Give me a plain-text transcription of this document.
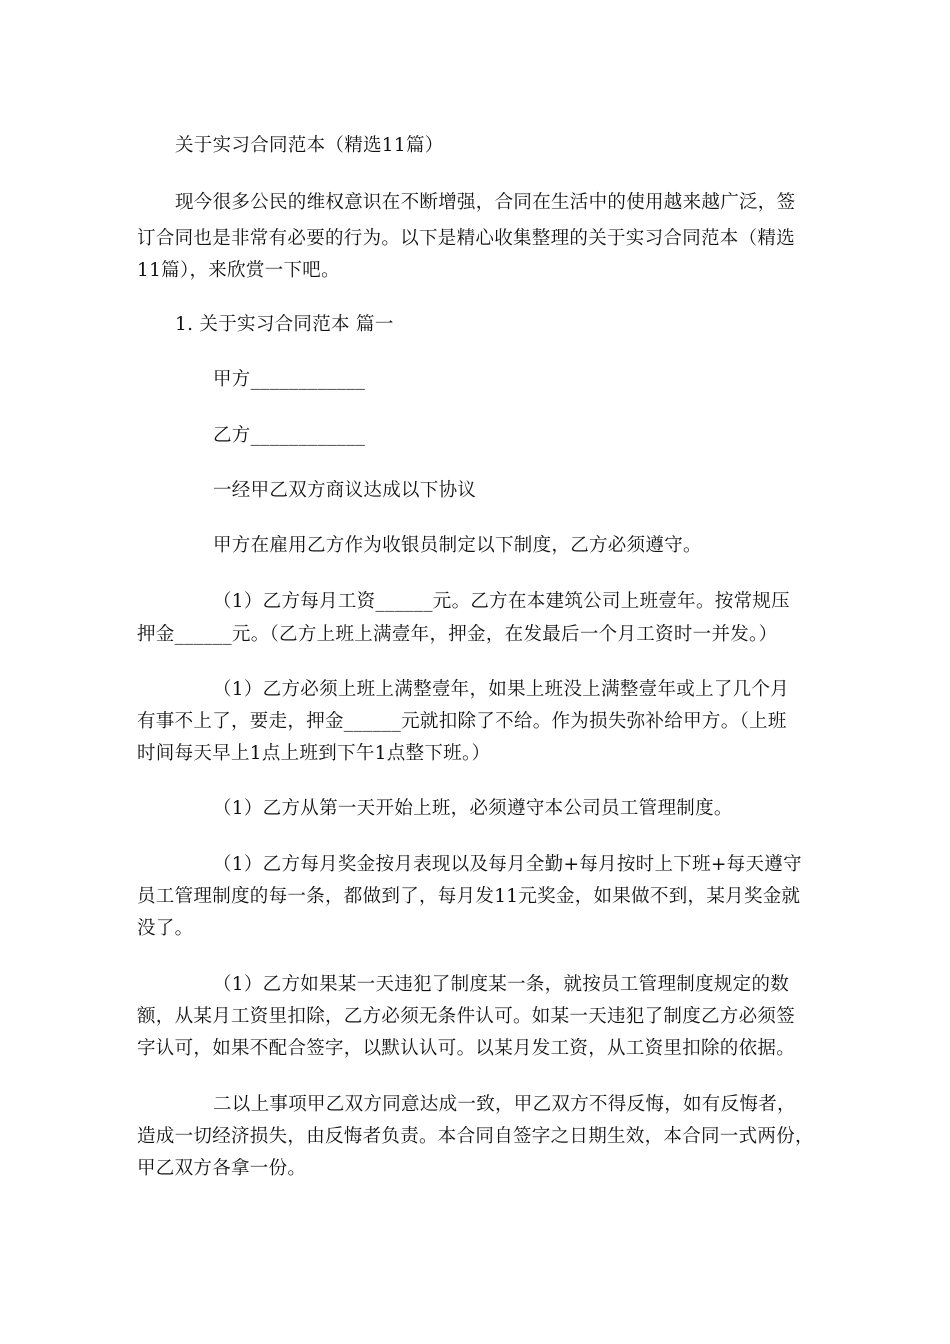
关于实习合同范本（精选11篇）
现今很多公民的维权意识在不断增强，合同在生活中的使用越来越广泛，签
订合同也是非常有必要的行为。以下是精心收集整理的关于实习合同范本（精选
11篇），来欣赏一下吧。
1. 关于实习合同范本 篇一
甲方____________
乙方____________
一经甲乙双方商议达成以下协议
甲方在雇用乙方作为收银员制定以下制度，乙方必须遵守。
（1）乙方每月工资______元。乙方在本建筑公司上班壹年。按常规压
押金______元。（乙方上班上满壹年，押金，在发最后一个月工资时一并发。）
（1）乙方必须上班上满整壹年，如果上班没上满整壹年或上了几个月
有事不上了，要走，押金______元就扣除了不给。作为损失弥补给甲方。（上班
时间每天早上1点上班到下午1点整下班。）
（1）乙方从第一天开始上班，必须遵守本公司员工管理制度。
（1）乙方每月奖金按月表现以及每月全勤+每月按时上下班+每天遵守
员工管理制度的每一条，都做到了，每月发11元奖金，如果做不到，某月奖金就
没了。
（1）乙方如果某一天违犯了制度某一条，就按员工管理制度规定的数
额，从某月工资里扣除，乙方必须无条件认可。如某一天违犯了制度乙方必须签
字认可，如果不配合签字，以默认认可。以某月发工资，从工资里扣除的依据。
二以上事项甲乙双方同意达成一致，甲乙双方不得反悔，如有反悔者，
造成一切经济损失，由反悔者负责。本合同自签字之日期生效，本合同一式两份，
甲乙双方各拿一份。
